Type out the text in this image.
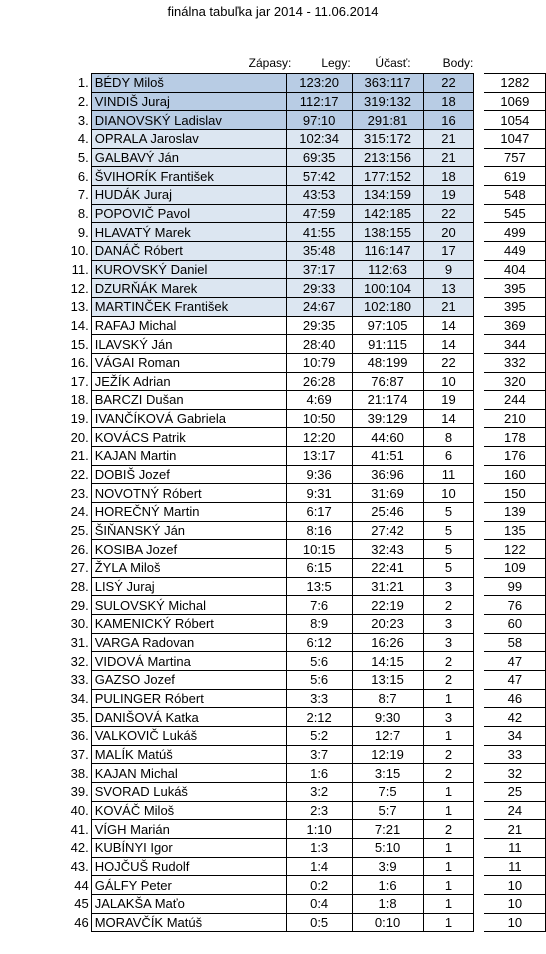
finálna tabuľka jar 2014 - 11.06.2014
Zápasy:	Legy:	Účasť:	Body:
1.	BÉDY Miloš	123:20	363:117	22		1282
2.	VINDIŠ Juraj	112:17	319:132	18		1069
3.	DIANOVSKÝ Ladislav	97:10	291:81	16		1054
4.	OPRALA Jaroslav	102:34	315:172	21		1047
5.	GALBAVÝ Ján	69:35	213:156	21		757
6.	ŠVIHORÍK František	57:42	177:152	18		619
7.	HUDÁK Juraj	43:53	134:159	19		548
8.	POPOVIČ Pavol	47:59	142:185	22		545
9.	HLAVATÝ Marek	41:55	138:155	20		499
10.	DANÁČ Róbert	35:48	116:147	17		449
11.	KUROVSKÝ Daniel	37:17	112:63	9		404
12.	DZURŇÁK Marek	29:33	100:104	13		395
13.	MARTINČEK František	24:67	102:180	21		395
14.	RAFAJ Michal	29:35	97:105	14		369
15.	ILAVSKÝ Ján	28:40	91:115	14		344
16.	VÁGAI Roman	10:79	48:199	22		332
17.	JEŽÍK Adrian	26:28	76:87	10		320
18.	BARCZI Dušan	4:69	21:174	19		244
19.	IVANČÍKOVÁ Gabriela	10:50	39:129	14		210
20.	KOVÁCS Patrik	12:20	44:60	8		178
21.	KAJAN Martin	13:17	41:51	6		176
22.	DOBIŠ Jozef	9:36	36:96	11		160
23.	NOVOTNÝ Róbert	9:31	31:69	10		150
24.	HOREČNÝ Martin	6:17	25:46	5		139
25.	ŠIŇANSKÝ Ján	8:16	27:42	5		135
26.	KOSIBA Jozef	10:15	32:43	5		122
27.	ŽYLA Miloš	6:15	22:41	5		109
28.	LISÝ Juraj	13:5	31:21	3		99
29.	SULOVSKÝ Michal	7:6	22:19	2		76
30.	KAMENICKÝ Róbert	8:9	20:23	3		60
31.	VARGA Radovan	6:12	16:26	3		58
32.	VIDOVÁ Martina	5:6	14:15	2		47
33.	GAZSO Jozef	5:6	13:15	2		47
34.	PULINGER Róbert	3:3	8:7	1		46
35.	DANIŠOVÁ Katka	2:12	9:30	3		42
36.	VALKOVIČ Lukáš	5:2	12:7	1		34
37.	MALÍK Matúš	3:7	12:19	2		33
38.	KAJAN Michal	1:6	3:15	2		32
39.	SVORAD Lukáš	3:2	7:5	1		25
40.	KOVÁČ Miloš	2:3	5:7	1		24
41.	VÍGH Marián	1:10	7:21	2		21
42.	KUBÍNYI Igor	1:3	5:10	1		11
43.	HOJČUŠ Rudolf	1:4	3:9	1		11
44	GÁLFY Peter	0:2	1:6	1		10
45	JALAKŠA Maťo	0:4	1:8	1		10
46	MORAVČÍK Matúš	0:5	0:10	1		10
